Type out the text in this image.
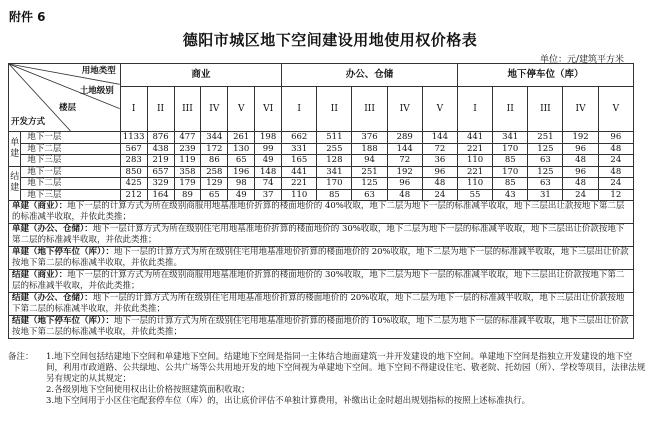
附件 6
德阳市城区地下空间建设用地使用权价格表
单位：元/建筑平方米
用地类型
土地级别
楼层
开发方式		商业						办公、仓储					地下停车位（库）				
		I	II	III	IV	V	VI	I	II	III	IV	V	I	II	III	IV	V
单建	地下一层	1133	876	477	344	261	198	662	511	376	289	144	441	341	251	192	96
	地下二层	567	438	239	172	130	99	331	255	188	144	72	221	170	125	96	48
	地下三层	283	219	119	86	65	49	165	128	94	72	36	110	85	63	48	24
结建	地下一层	850	657	358	258	196	148	441	341	251	192	96	221	170	125	96	48
	地下二层	425	329	179	129	98	74	221	170	125	96	48	110	85	63	48	24
	地下三层	212	164	89	65	49	37	110	85	63	48	24	55	43	31	24	12
单建（商业）：地下一层的计算方式为所在级别商服用地基准地价折算的楼面地价的 40%收取，地下二层为地下一层的标准减半收取，地下三层出让款按地下第二层的标准减半收取，并依此类推；																	
单建（办公、仓储）：地下一层计算方式为所在级别住宅用地基准地价折算的楼面地价的 30%收取，地下二层为地下一层的标准减半收取，地下三层出让价款按地下第二层的标准减半收取，并依此类推；																	
单建（地下停车位（库））：地下一层的计算方式为所在级别住宅用地基准地价折算的楼面地价的 20%收取，地下二层为地下一层的标准减半收取，地下三层出让价款按地下第二层的标准减半收取，并依此类推。																	
结建（商业）：地下一层的计算方式为所在级别商服用地基准地价折算的楼面地价的 30%收取，地下二层为地下一层的标准减半收取，地下三层出让价款按地下第二层的标准减半收取，并依此类推；																	
结建（办公、仓储）：地下一层的计算方式为所在级别住宅用地基准地价折算的楼面地价的 20%收取，地下二层为地下一层的标准减半收取，地下三层出让价款按地下第二层的标准减半收取，并依此类推；																	
结建（地下停车位（库））：地下一层的计算方式为所在级别住宅用地基准地价折算的楼面地价的 10%收取，地下二层为地下一层的标准减半收取，地下三层出让价款按地下第二层的标准减半收取，并依此类推；																	
备注：	1.地下空间包括结建地下空间和单建地下空间。结建地下空间是指同一主体结合地面建筑一并开发建设的地下空间。单建地下空间是指独立开发建设的地下空间，利用市政道路、公共绿地、公共广场等公共用地开发的地下空间视为单建地下空间。地下空间不得建设住宅、敬老院、托幼园（所）、学校等项目，法律法规另有规定的从其规定；
2.各级别地下空间使用权出让价格按照建筑面积收取；
3.地下空间用于小区住宅配套停车位（库）的，出让底价评估不单独计算费用，补缴出让金时超出规划指标的按照上述标准执行。
